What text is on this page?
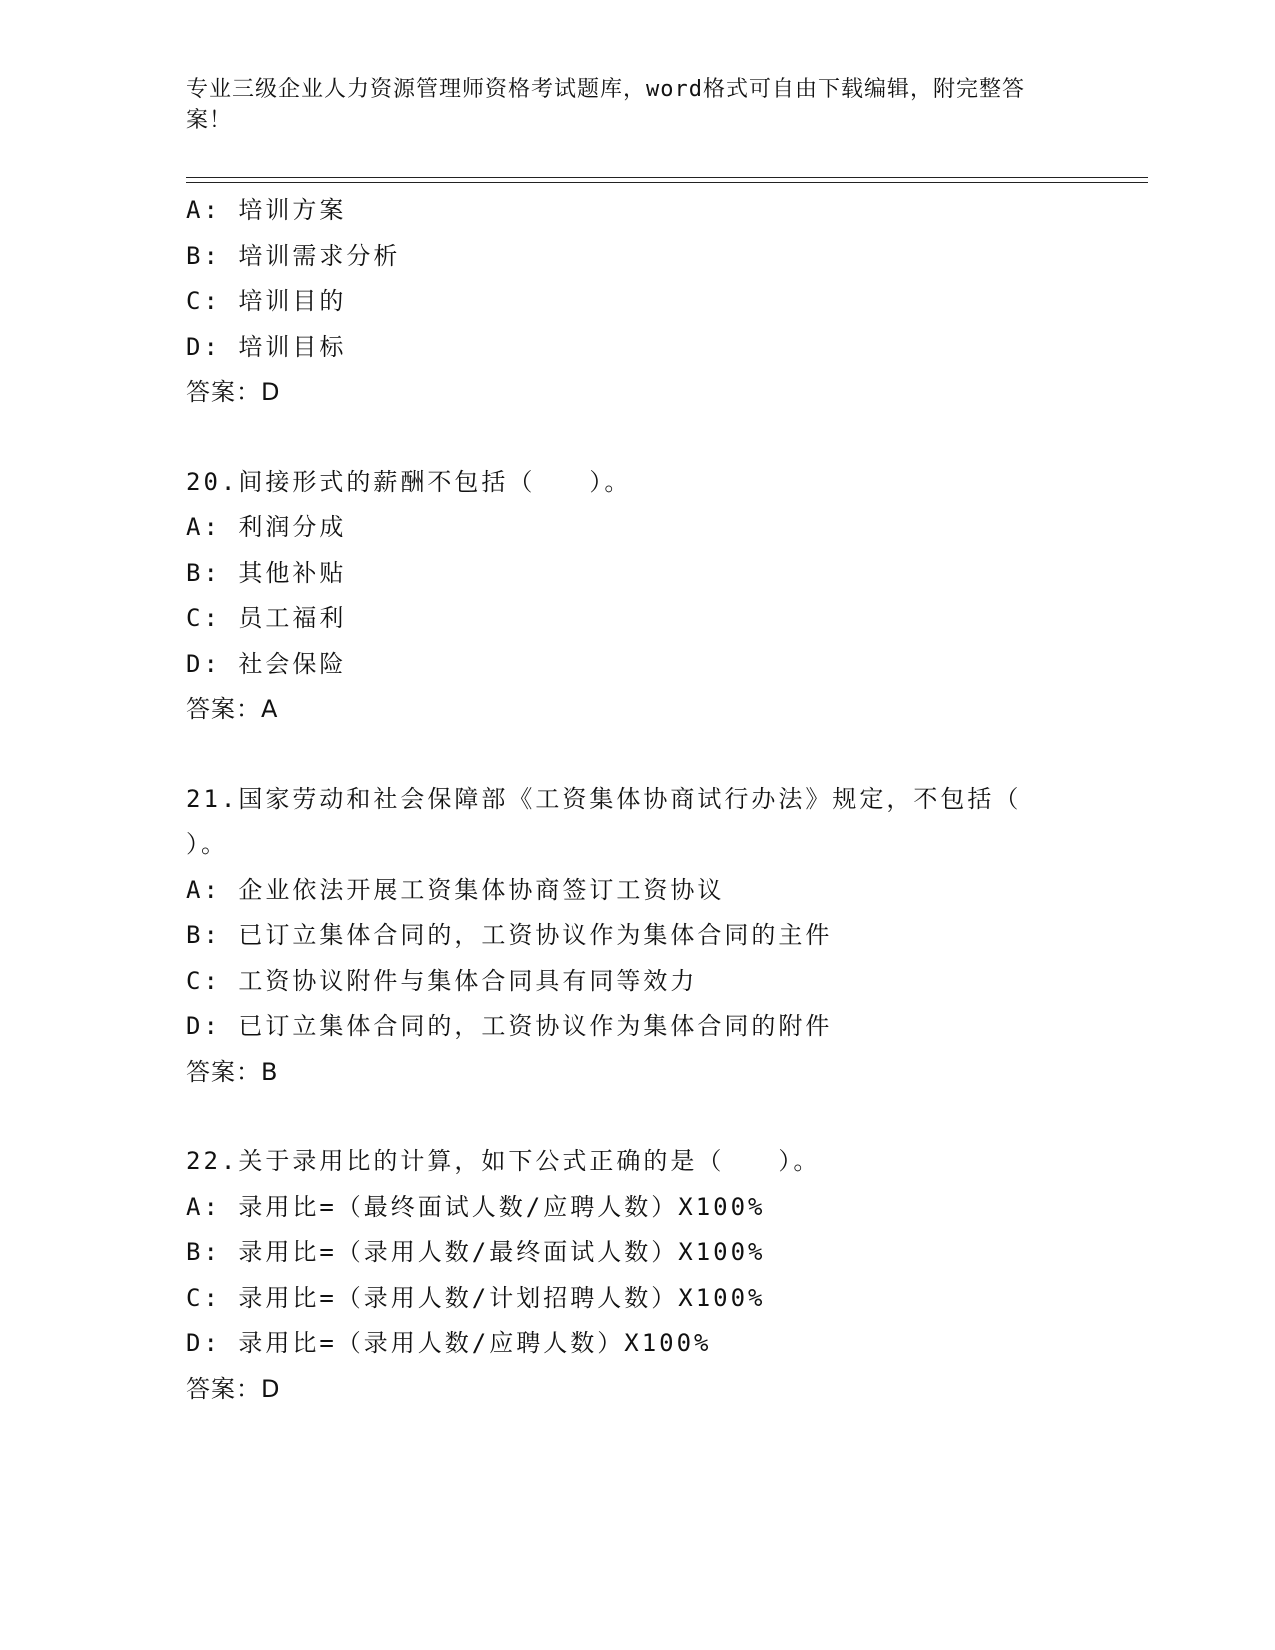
专业三级企业人力资源管理师资格考试题库，word格式可自由下载编辑，附完整答案！
A: 培训方案
B: 培训需求分析
C: 培训目的
D: 培训目标
答案：D
20.间接形式的薪酬不包括（　　）。
A: 利润分成
B: 其他补贴
C: 员工福利
D: 社会保险
答案：A
21.国家劳动和社会保障部《工资集体协商试行办法》规定，不包括（
）。
A: 企业依法开展工资集体协商签订工资协议
B: 已订立集体合同的，工资协议作为集体合同的主件
C: 工资协议附件与集体合同具有同等效力
D: 已订立集体合同的，工资协议作为集体合同的附件
答案：B
22.关于录用比的计算，如下公式正确的是（　　）。
A: 录用比=（最终面试人数/应聘人数）X100%
B: 录用比=（录用人数/最终面试人数）X100%
C: 录用比=（录用人数/计划招聘人数）X100%
D: 录用比=（录用人数/应聘人数）X100%
答案：D
